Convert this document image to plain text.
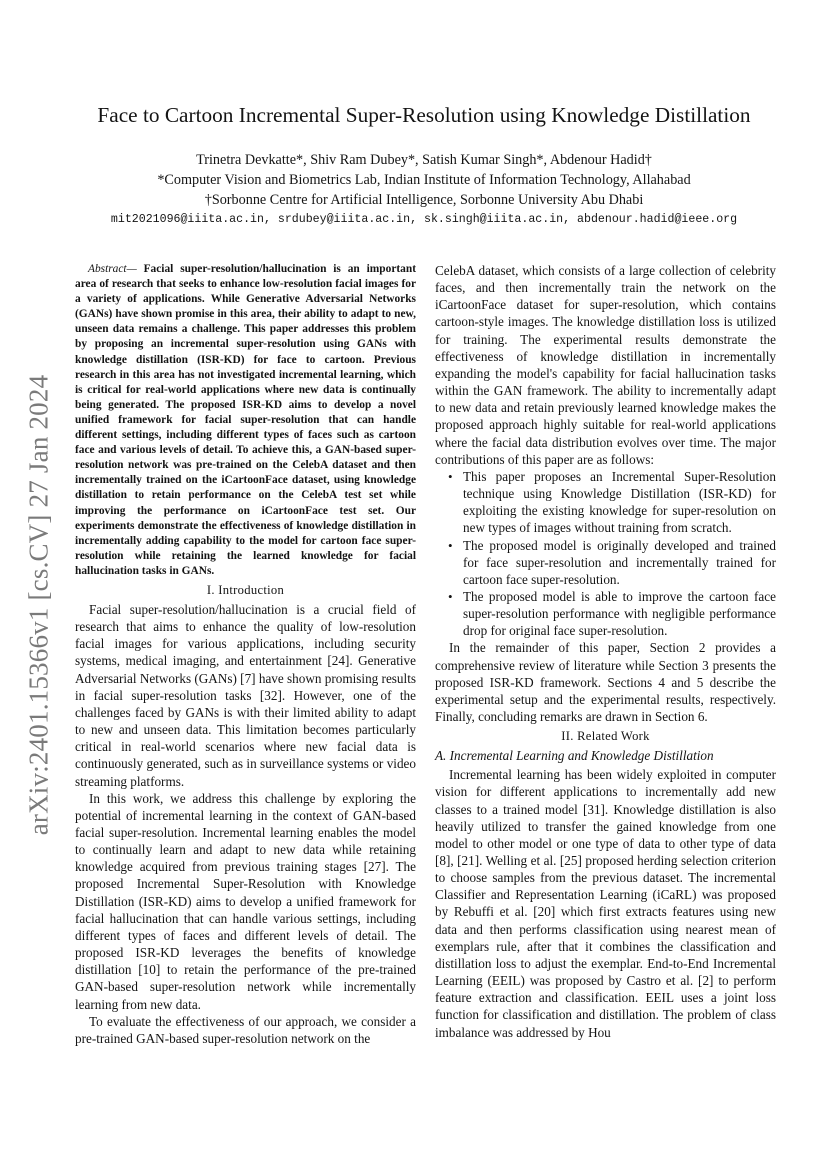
arXiv:2401.15366v1 [cs.CV] 27 Jan 2024
Face to Cartoon Incremental Super-Resolution using Knowledge Distillation
Trinetra Devkatte*, Shiv Ram Dubey*, Satish Kumar Singh*, Abdenour Hadid†
*Computer Vision and Biometrics Lab, Indian Institute of Information Technology, Allahabad
†Sorbonne Centre for Artificial Intelligence, Sorbonne University Abu Dhabi
mit2021096@iiita.ac.in, srdubey@iiita.ac.in, sk.singh@iiita.ac.in, abdenour.hadid@ieee.org

Abstract— Facial super-resolution/hallucination is an important area of research that seeks to enhance low-resolution facial images for a variety of applications. While Generative Adversarial Networks (GANs) have shown promise in this area, their ability to adapt to new, unseen data remains a challenge. This paper addresses this problem by proposing an incremental super-resolution using GANs with knowledge distillation (ISR-KD) for face to cartoon. Previous research in this area has not investigated incremental learning, which is critical for real-world applications where new data is continually being generated. The proposed ISR-KD aims to develop a novel unified framework for facial super-resolution that can handle different settings, including different types of faces such as cartoon face and various levels of detail. To achieve this, a GAN-based super-resolution network was pre-trained on the CelebA dataset and then incrementally trained on the iCartoonFace dataset, using knowledge distillation to retain performance on the CelebA test set while improving the performance on iCartoonFace test set. Our experiments demonstrate the effectiveness of knowledge distillation in incrementally adding capability to the model for cartoon face super-resolution while retaining the learned knowledge for facial hallucination tasks in GANs.

I. Introduction

Facial super-resolution/hallucination is a crucial field of research that aims to enhance the quality of low-resolution facial images for various applications, including security systems, medical imaging, and entertainment [24]. Generative Adversarial Networks (GANs) [7] have shown promising results in facial super-resolution tasks [32]. However, one of the challenges faced by GANs is with their limited ability to adapt to new and unseen data. This limitation becomes particularly critical in real-world scenarios where new facial data is continuously generated, such as in surveillance systems or video streaming platforms.

In this work, we address this challenge by exploring the potential of incremental learning in the context of GAN-based facial super-resolution. Incremental learning enables the model to continually learn and adapt to new data while retaining knowledge acquired from previous training stages [27]. The proposed Incremental Super-Resolution with Knowledge Distillation (ISR-KD) aims to develop a unified framework for facial hallucination that can handle various settings, including different types of faces and different levels of detail. The proposed ISR-KD leverages the benefits of knowledge distillation [10] to retain the performance of the pre-trained GAN-based super-resolution network while incrementally learning from new data.

To evaluate the effectiveness of our approach, we consider a pre-trained GAN-based super-resolution network on the

CelebA dataset, which consists of a large collection of celebrity faces, and then incrementally train the network on the iCartoonFace dataset for super-resolution, which contains cartoon-style images. The knowledge distillation loss is utilized for training. The experimental results demonstrate the effectiveness of knowledge distillation in incrementally expanding the model's capability for facial hallucination tasks within the GAN framework. The ability to incrementally adapt to new data and retain previously learned knowledge makes the proposed approach highly suitable for real-world applications where the facial data distribution evolves over time. The major contributions of this paper are as follows:

• This paper proposes an Incremental Super-Resolution technique using Knowledge Distillation (ISR-KD) for exploiting the existing knowledge for super-resolution on new types of images without training from scratch.
• The proposed model is originally developed and trained for face super-resolution and incrementally trained for cartoon face super-resolution.
• The proposed model is able to improve the cartoon face super-resolution performance with negligible performance drop for original face super-resolution.

In the remainder of this paper, Section 2 provides a comprehensive review of literature while Section 3 presents the proposed ISR-KD framework. Sections 4 and 5 describe the experimental setup and the experimental results, respectively. Finally, concluding remarks are drawn in Section 6.

II. Related Work
A. Incremental Learning and Knowledge Distillation

Incremental learning has been widely exploited in computer vision for different applications to incrementally add new classes to a trained model [31]. Knowledge distillation is also heavily utilized to transfer the gained knowledge from one model to other model or one type of data to other type of data [8], [21]. Welling et al. [25] proposed herding selection criterion to choose samples from the previous dataset. The incremental Classifier and Representation Learning (iCaRL) was proposed by Rebuffi et al. [20] which first extracts features using new data and then performs classification using nearest mean of exemplars rule, after that it combines the classification and distillation loss to adjust the exemplar. End-to-End Incremental Learning (EEIL) was proposed by Castro et al. [2] to perform feature extraction and classification. EEIL uses a joint loss function for classification and distillation. The problem of class imbalance was addressed by Hou
